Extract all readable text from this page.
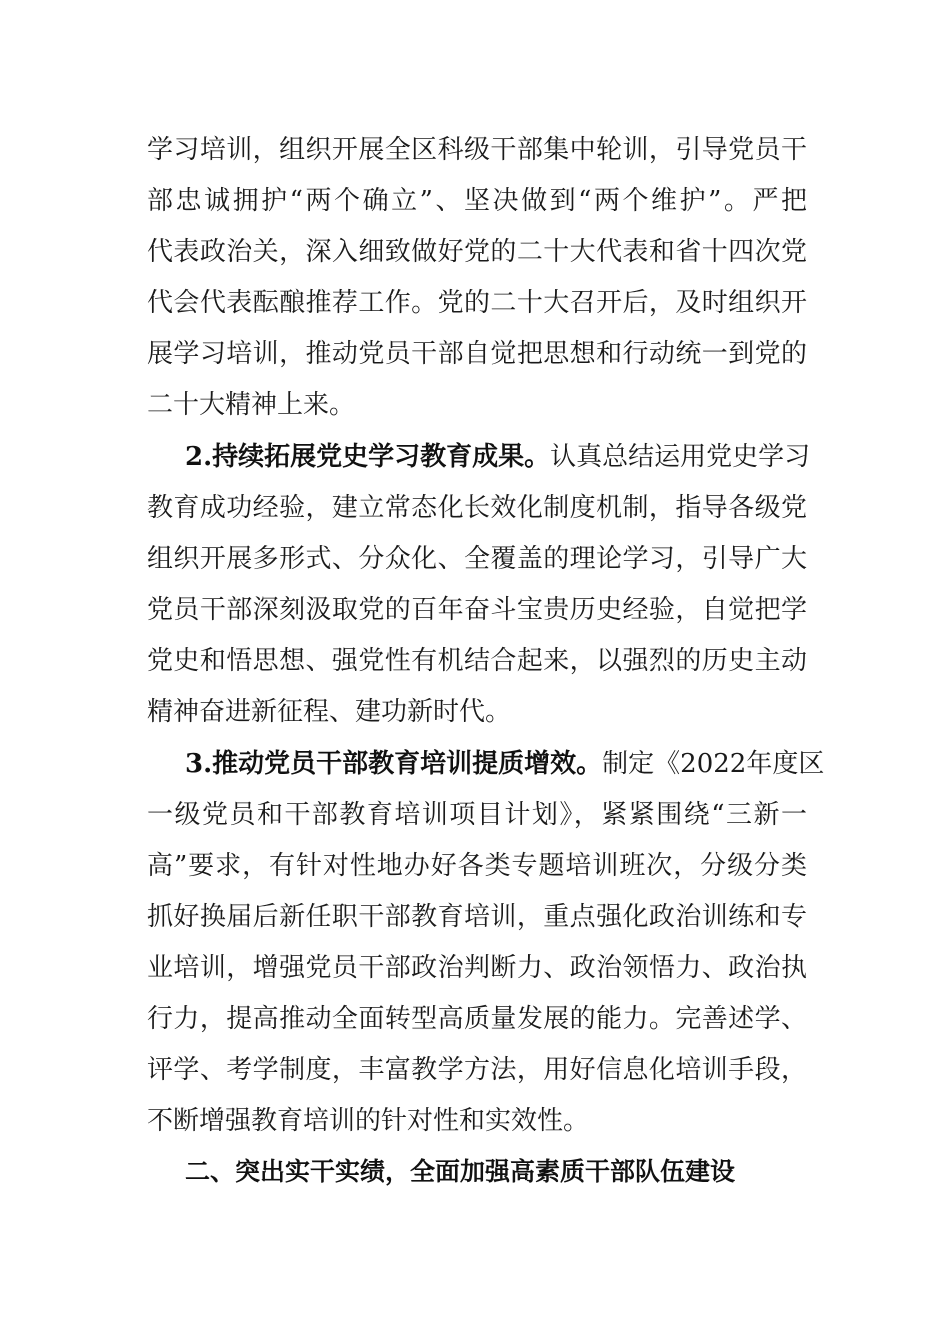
学习培训，组织开展全区科级干部集中轮训，引导党员干
部忠诚拥护“两个确立”、坚决做到“两个维护”。严把
代表政治关，深入细致做好党的二十大代表和省十四次党
代会代表酝酿推荐工作。党的二十大召开后，及时组织开
展学习培训，推动党员干部自觉把思想和行动统一到党的
二十大精神上来。
2.持续拓展党史学习教育成果。认真总结运用党史学习
教育成功经验，建立常态化长效化制度机制，指导各级党
组织开展多形式、分众化、全覆盖的理论学习，引导广大
党员干部深刻汲取党的百年奋斗宝贵历史经验，自觉把学
党史和悟思想、强党性有机结合起来，以强烈的历史主动
精神奋进新征程、建功新时代。
3.推动党员干部教育培训提质增效。制定《2022年度区
一级党员和干部教育培训项目计划》，紧紧围绕“三新一
高”要求，有针对性地办好各类专题培训班次，分级分类
抓好换届后新任职干部教育培训，重点强化政治训练和专
业培训，增强党员干部政治判断力、政治领悟力、政治执
行力，提高推动全面转型高质量发展的能力。完善述学、
评学、考学制度，丰富教学方法，用好信息化培训手段，
不断增强教育培训的针对性和实效性。
二、突出实干实绩，全面加强高素质干部队伍建设
